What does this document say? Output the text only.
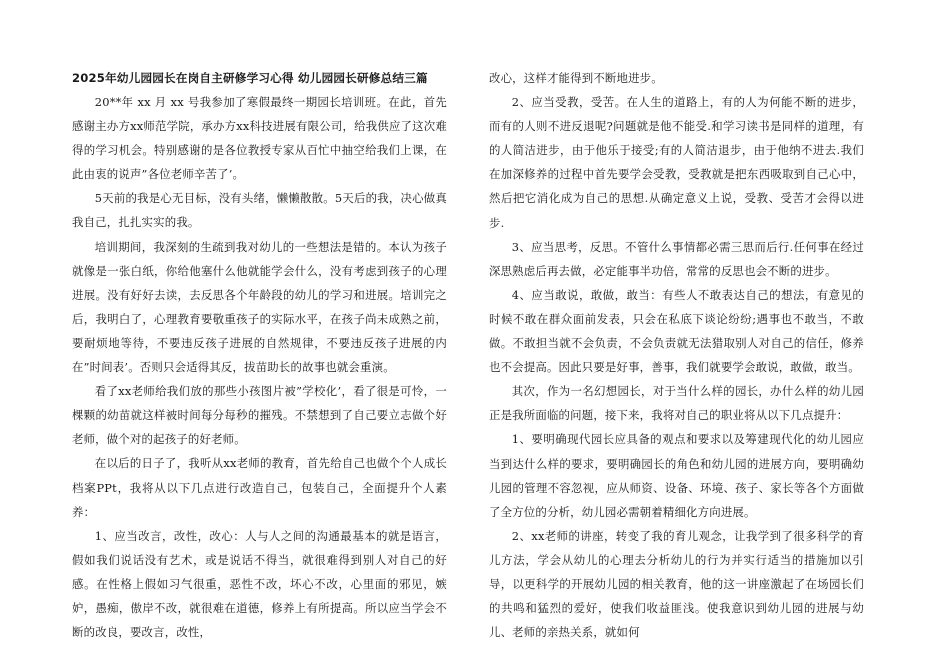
2025年幼儿园园长在岗自主研修学习心得 幼儿园园长研修总结三篇

20**年 xx 月 xx 号我参加了寒假最终一期园长培训班。在此，首先感谢主办方xx师范学院，承办方xx科技进展有限公司，给我供应了这次难得的学习机会。特别感谢的是各位教授专家从百忙中抽空给我们上课，在此由衷的说声”各位老师辛苦了’。

5天前的我是心无目标，没有头绪，懒懒散散。5天后的我，决心做真我自己，扎扎实实的我。

培训期间，我深刻的生疏到我对幼儿的一些想法是错的。本认为孩子就像是一张白纸，你给他塞什么他就能学会什么，没有考虑到孩子的心理进展。没有好好去读，去反思各个年龄段的幼儿的学习和进展。培训完之后，我明白了，心理教育要敬重孩子的实际水平，在孩子尚未成熟之前，要耐烦地等待，不要违反孩子进展的自然规律，不要违反孩子进展的内在”时间表’。否则只会适得其反，拔苗助长的故事也就会重演。

看了xx老师给我们放的那些小孩图片被”学校化’，看了很是可怜，一棵颗的幼苗就这样被时间每分每秒的摧残。不禁想到了自己要立志做个好老师，做个对的起孩子的好老师。

在以后的日子了，我听从xx老师的教育，首先给自己也做个个人成长档案PPt，我将从以下几点进行改造自己，包装自己，全面提升个人素养：

1、应当改言，改性，改心：人与人之间的沟通最基本的就是语言，假如我们说话没有艺术，或是说话不得当，就很难得到别人对自己的好感。在性格上假如习气很重，恶性不改，坏心不改，心里面的邪见，嫉妒，愚痴，傲岸不改，就很难在道德，修养上有所提高。所以应当学会不断的改良，要改言，改性，

改心，这样才能得到不断地进步。

2、应当受教，受苦。在人生的道路上，有的人为何能不断的进步，而有的人则不进反退呢?问题就是他不能受.和学习读书是同样的道理，有的人简洁进步，由于他乐于接受;有的人简洁退步，由于他纳不进去.我们在加深修养的过程中首先要学会受教，受教就是把东西吸取到自己心中，然后把它消化成为自己的思想.从确定意义上说，受教、受苦才会得以进步.

3、应当思考，反思。不管什么事情都必需三思而后行.任何事在经过深思熟虑后再去做，必定能事半功倍，常常的反思也会不断的进步。

4、应当敢说，敢做，敢当：有些人不敢表达自己的想法，有意见的时候不敢在群众面前发表，只会在私底下谈论纷纷;遇事也不敢当，不敢做。不敢担当就不会负责，不会负责就无法猎取别人对自己的信任，修养也不会提高。因此只要是好事，善事，我们就要学会敢说，敢做，敢当。

其次，作为一名幻想园长，对于当什么样的园长，办什么样的幼儿园正是我所面临的问题，接下来，我将对自己的职业将从以下几点提升：

1、要明确现代园长应具备的观点和要求以及筹建现代化的幼儿园应当到达什么样的要求，要明确园长的角色和幼儿园的进展方向，要明确幼儿园的管理不容忽视，应从师资、设备、环境、孩子、家长等各个方面做了全方位的分析，幼儿园必需朝着精细化方向进展。

2、xx老师的讲座，转变了我的育儿观念，让我学到了很多科学的育儿方法，学会从幼儿的心理去分析幼儿的行为并实行适当的措施加以引导，以更科学的开展幼儿园的相关教育，他的这一讲座激起了在场园长们的共鸣和猛烈的爱好，使我们收益匪浅。使我意识到幼儿园的进展与幼儿、老师的亲热关系，就如何
